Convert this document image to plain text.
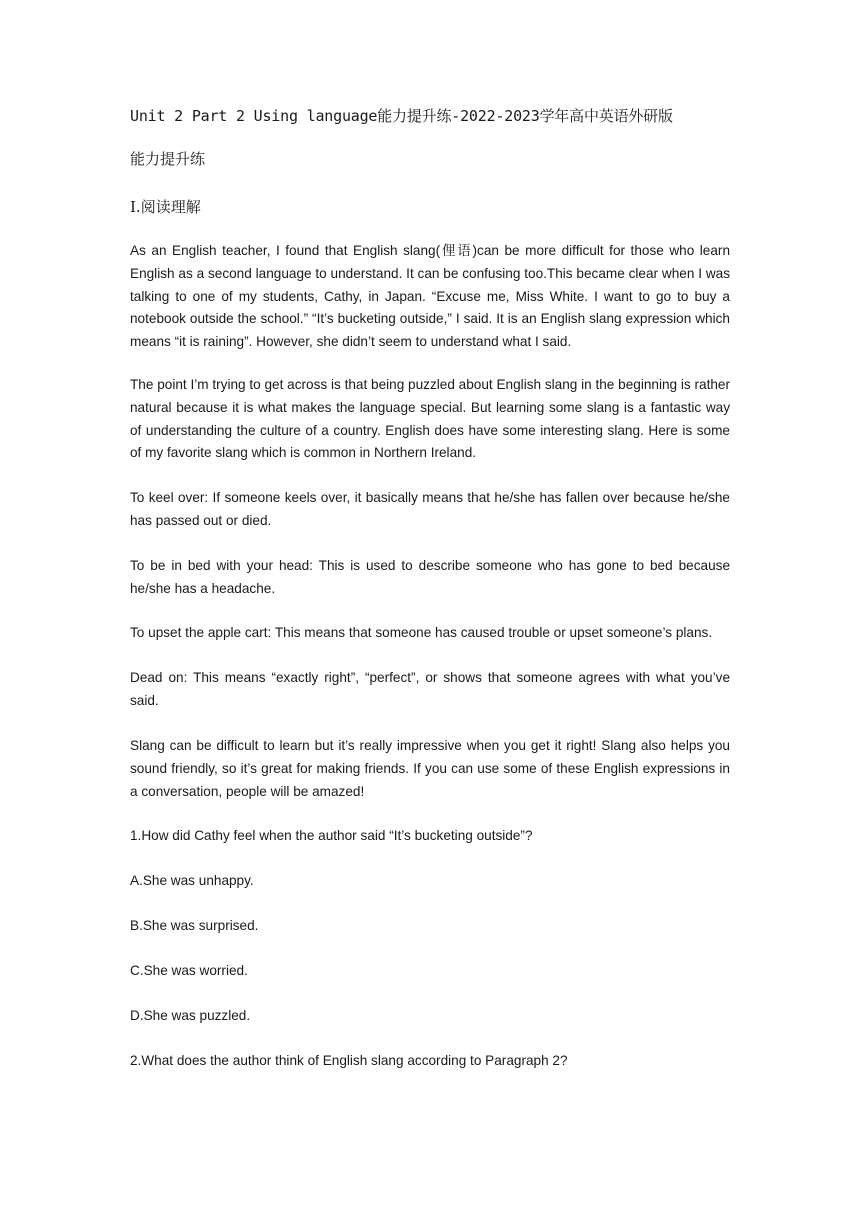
Unit 2 Part 2 Using language能力提升练-2022-2023学年高中英语外研版
能力提升练
Ⅰ.阅读理解

As an English teacher, I found that English slang(俚语)can be more difficult for those who learn English as a second language to understand. It can be confusing too.This became clear when I was talking to one of my students, Cathy, in Japan. “Excuse me, Miss White. I want to go to buy a notebook outside the school.” “It’s bucketing outside,” I said. It is an English slang expression which means “it is raining”. However, she didn’t seem to understand what I said.

The point I’m trying to get across is that being puzzled about English slang in the beginning is rather natural because it is what makes the language special. But learning some slang is a fantastic way of understanding the culture of a country. English does have some interesting slang. Here is some of my favorite slang which is common in Northern Ireland.

To keel over: If someone keels over, it basically means that he/she has fallen over because he/she has passed out or died.

To be in bed with your head: This is used to describe someone who has gone to bed because he/she has a headache.

To upset the apple cart: This means that someone has caused trouble or upset someone’s plans.

Dead on: This means “exactly right”, “perfect”, or shows that someone agrees with what you’ve said.

Slang can be difficult to learn but it’s really impressive when you get it right! Slang also helps you sound friendly, so it’s great for making friends. If you can use some of these English expressions in a conversation, people will be amazed!

1.How did Cathy feel when the author said “It’s bucketing outside”?
A.She was unhappy.
B.She was surprised.
C.She was worried.
D.She was puzzled.
2.What does the author think of English slang according to Paragraph 2?
